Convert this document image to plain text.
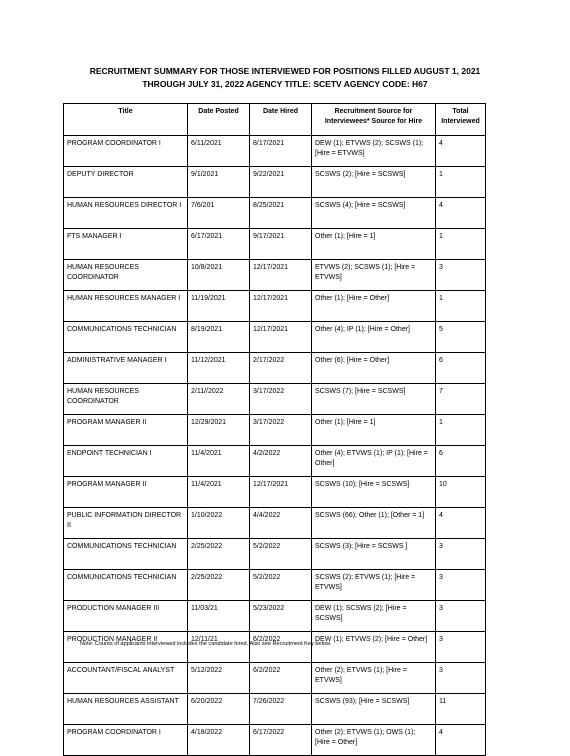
RECRUITMENT SUMMARY FOR THOSE INTERVIEWED FOR POSITIONS FILLED AUGUST 1, 2021
THROUGH JULY 31, 2022 AGENCY TITLE: SCETV AGENCY CODE: H67
Title	Date Posted	Date Hired	Recruitment Source for Interviewees* Source for Hire	Total Interviewed
PROGRAM COORDINATOR I	6/11/2021	8/17/2021	DEW (1); ETVWS (2); SCSWS (1); [Hire = ETVWS]	4
DEPUTY DIRECTOR	9/1/2021	9/22/2021	SCSWS (2); [Hire = SCSWS]	1
HUMAN RESOURCES DIRECTOR I	7/6/201	8/25/2021	SCSWS (4); [Hire = SCSWS]	4
FTS MANAGER I	6/17/2021	9/17/2021	Other (1); [Hire = 1]	1
HUMAN RESOURCES COORDINATOR	10/8/2021	12/17/2021	ETVWS (2); SCSWS (1); [Hire = ETVWS]	3
HUMAN RESOURCES MANAGER I	11/19/2021	12/17/2021	Other (1); [Hire = Other]	1
COMMUNICATIONS TECHNICIAN	8/19/2021	12/17/2021	Other (4); IP (1); [Hire = Other]	5
ADMINISTRATIVE MANAGER I	11/12/2021	2/17/2022	Other (6); [Hire = Other]	6
HUMAN RESOURCES COORDINATOR	2/11//2022	3/17/2022	SCSWS (7); [Hire = SCSWS]	7
PROGRAM MANAGER II	12/29/2021	3/17/2022	Other (1); [Hire = 1]	1
ENDPOINT TECHNICIAN I	11/4/2021	4/2/2022	Other (4); ETVWS (1); IP (1); [Hire = Other]	6
PROGRAM MANAGER II	11/4/2021	12/17/2021	SCSWS (10); [Hire = SCSWS]	10
PUBLIC INFORMATION DIRECTOR II	1/10/2022	4/4/2022	SCSWS (66); Other (1); [Other = 1]	4
COMMUNICATIONS TECHNICIAN	2/25/2022	5/2/2022	SCSWS (3); [Hire = SCSWS ]	3
COMMUNICATIONS TECHNICIAN	2/25/2022	5/2/2022	SCSWS (2); ETVWS (1); [Hire = ETVWS]	3
PRODUCTION MANAGER III	11/03/21	5/23/2022	DEW (1); SCSWS (2); [Hire = SCSWS]	3
PRODUCTION MANAGER II	12/11/21	6/2/2022	DEW (1); ETVWS (2); [Hire = Other]	3
ACCOUNTANT/FISCAL ANALYST	5/12/2022	6/2/2022	Other (2); ETVWS (1); [Hire = ETVWS]	3
HUMAN RESOURCES ASSISTANT	6/20/2022	7/26/2022	SCSWS (93); [Hire = SCSWS]	11
PROGRAM COORDINATOR I	4/18/2022	6/17/2022	Other (2); ETVWS (1); OWS (1); [Hire = Other]	4
Note: Counts of applicants interviewed includes the candidate hired. Also see Recruitment Key below.
